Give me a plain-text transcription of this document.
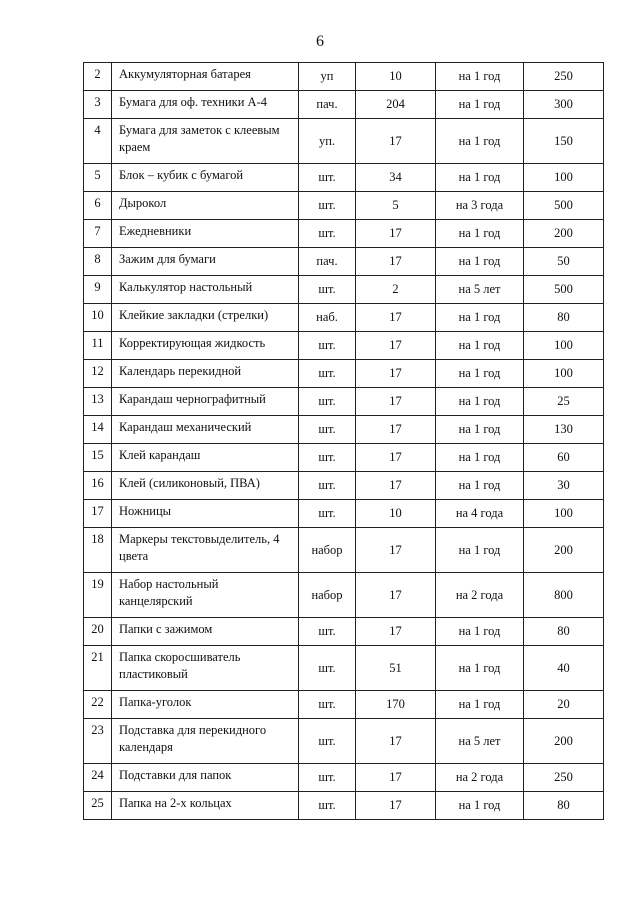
6
2	Аккумуляторная батарея	уп	10	на 1 год	250
3	Бумага для оф. техники А-4	пач.	204	на 1 год	300
4	Бумага для заметок с клеевым краем	уп.	17	на 1 год	150
5	Блок – кубик с бумагой	шт.	34	на 1 год	100
6	Дырокол	шт.	5	на 3 года	500
7	Ежедневники	шт.	17	на 1 год	200
8	Зажим для бумаги	пач.	17	на 1 год	50
9	Калькулятор настольный	шт.	2	на 5 лет	500
10	Клейкие закладки (стрелки)	наб.	17	на 1 год	80
11	Корректирующая жидкость	шт.	17	на 1 год	100
12	Календарь перекидной	шт.	17	на 1 год	100
13	Карандаш чернографитный	шт.	17	на 1 год	25
14	Карандаш механический	шт.	17	на 1 год	130
15	Клей карандаш	шт.	17	на 1 год	60
16	Клей (силиконовый, ПВА)	шт.	17	на 1 год	30
17	Ножницы	шт.	10	на 4 года	100
18	Маркеры текстовыделитель, 4 цвета	набор	17	на 1 год	200
19	Набор настольный канцелярский	набор	17	на 2 года	800
20	Папки с зажимом	шт.	17	на 1 год	80
21	Папка скоросшиватель пластиковый	шт.	51	на 1 год	40
22	Папка-уголок	шт.	170	на 1 год	20
23	Подставка для перекидного календаря	шт.	17	на 5 лет	200
24	Подставки для папок	шт.	17	на 2 года	250
25	Папка на 2-х кольцах	шт.	17	на 1 год	80
